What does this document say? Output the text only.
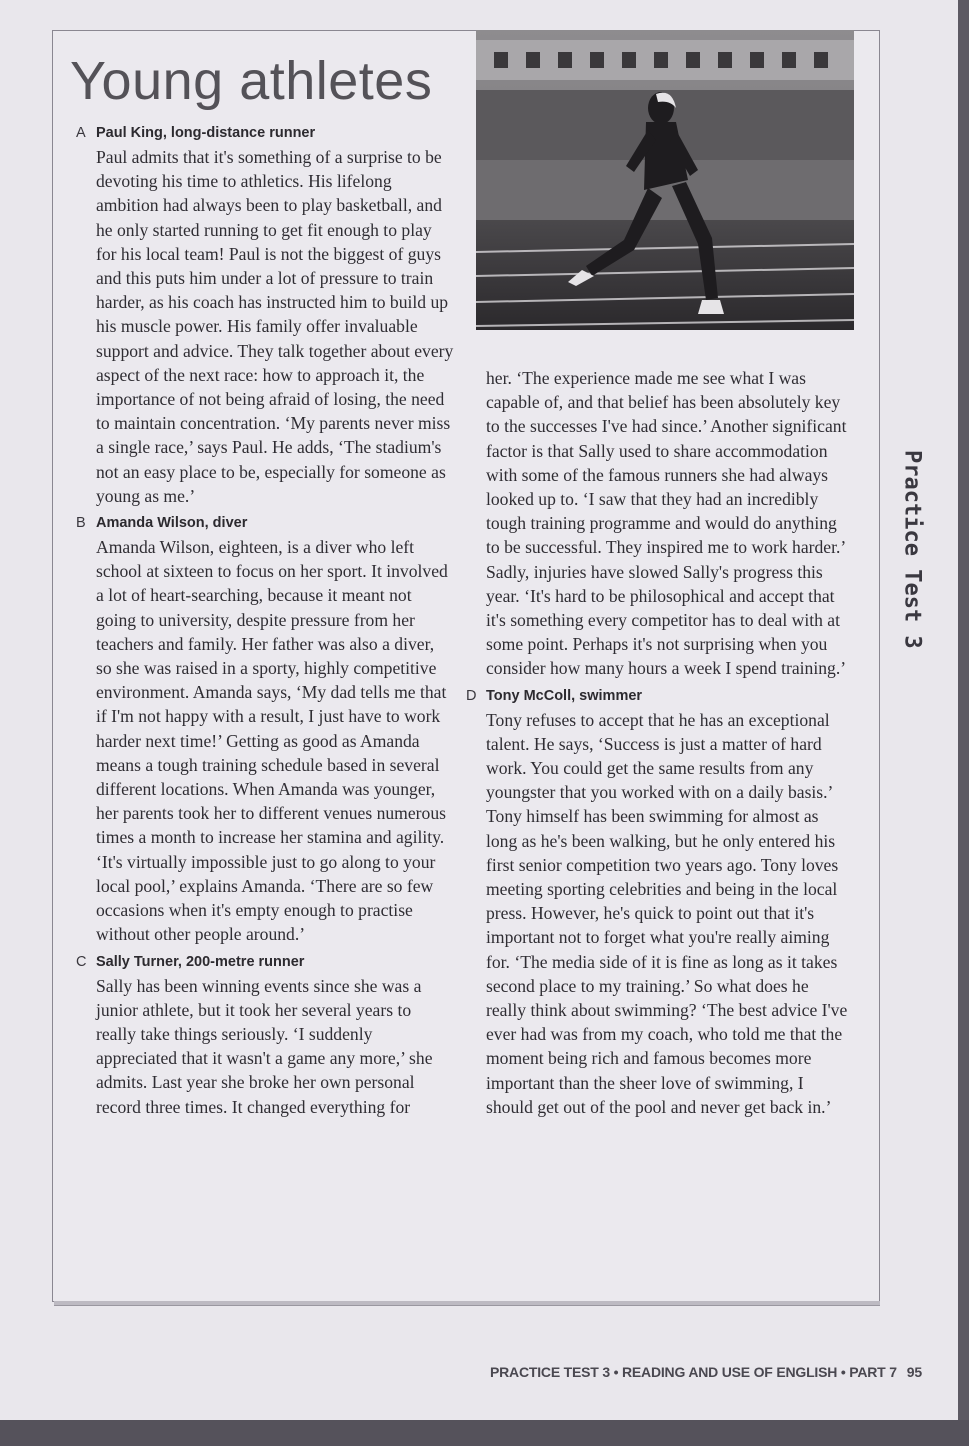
Young athletes

A Paul King, long-distance runner

Paul admits that it's something of a surprise to be devoting his time to athletics. His lifelong ambition had always been to play basketball, and he only started running to get fit enough to play for his local team! Paul is not the biggest of guys and this puts him under a lot of pressure to train harder, as his coach has instructed him to build up his muscle power. His family offer invaluable support and advice. They talk together about every aspect of the next race: how to approach it, the importance of not being afraid of losing, the need to maintain concentration. ‘My parents never miss a single race,’ says Paul. He adds, ‘The stadium's not an easy place to be, especially for someone as young as me.’

B Amanda Wilson, diver

Amanda Wilson, eighteen, is a diver who left school at sixteen to focus on her sport. It involved a lot of heart-searching, because it meant not going to university, despite pressure from her teachers and family. Her father was also a diver, so she was raised in a sporty, highly competitive environment. Amanda says, ‘My dad tells me that if I'm not happy with a result, I just have to work harder next time!’ Getting as good as Amanda means a tough training schedule based in several different locations. When Amanda was younger, her parents took her to different venues numerous times a month to increase her stamina and agility. ‘It's virtually impossible just to go along to your local pool,’ explains Amanda. ‘There are so few occasions when it's empty enough to practise without other people around.’

C Sally Turner, 200-metre runner

Sally has been winning events since she was a junior athlete, but it took her several years to really take things seriously. ‘I suddenly appreciated that it wasn't a game any more,’ she admits. Last year she broke her own personal record three times. It changed everything for

her. ‘The experience made me see what I was capable of, and that belief has been absolutely key to the successes I've had since.’ Another significant factor is that Sally used to share accommodation with some of the famous runners she had always looked up to. ‘I saw that they had an incredibly tough training programme and would do anything to be successful. They inspired me to work harder.’ Sadly, injuries have slowed Sally's progress this year. ‘It's hard to be philosophical and accept that it's something every competitor has to deal with at some point. Perhaps it's not surprising when you consider how many hours a week I spend training.’

D Tony McColl, swimmer

Tony refuses to accept that he has an exceptional talent. He says, ‘Success is just a matter of hard work. You could get the same results from any youngster that you worked with on a daily basis.’ Tony himself has been swimming for almost as long as he's been walking, but he only entered his first senior competition two years ago. Tony loves meeting sporting celebrities and being in the local press. However, he's quick to point out that it's important not to forget what you're really aiming for. ‘The media side of it is fine as long as it takes second place to my training.’ So what does he really think about swimming? ‘The best advice I've ever had was from my coach, who told me that the moment being rich and famous becomes more important than the sheer love of swimming, I should get out of the pool and never get back in.’

Practice Test 3
PRACTICE TEST 3 • READING AND USE OF ENGLISH • PART 7 95
